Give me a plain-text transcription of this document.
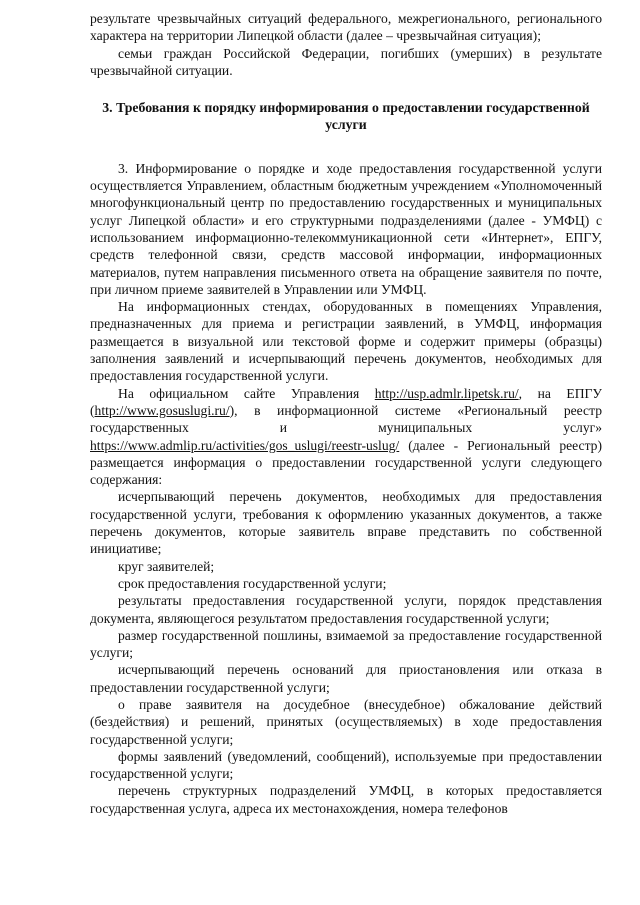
результате чрезвычайных ситуаций федерального, межрегионального, регионального характера на территории Липецкой области (далее – чрезвычайная ситуация);

семьи граждан Российской Федерации, погибших (умерших) в результате чрезвычайной ситуации.

3. Требования к порядку информирования о предоставлении государственной услуги

3. Информирование о порядке и ходе предоставления государственной услуги осуществляется Управлением, областным бюджетным учреждением «Уполномоченный многофункциональный центр по предоставлению государственных и муниципальных услуг Липецкой области» и его структурными подразделениями (далее - УМФЦ) с использованием информационно-телекоммуникационной сети «Интернет», ЕПГУ, средств телефонной связи, средств массовой информации, информационных материалов, путем направления письменного ответа на обращение заявителя по почте, при личном приеме заявителей в Управлении или УМФЦ.

На информационных стендах, оборудованных в помещениях Управления, предназначенных для приема и регистрации заявлений, в УМФЦ, информация размещается в визуальной или текстовой форме и содержит примеры (образцы) заполнения заявлений и исчерпывающий перечень документов, необходимых для предоставления государственной услуги.

На официальном сайте Управления http://usp.admlr.lipetsk.ru/, на ЕПГУ (http://www.gosuslugi.ru/), в информационной системе «Региональный реестр государственных и муниципальных услуг» https://www.admlip.ru/activities/gos_uslugi/reestr-uslug/ (далее - Региональный реестр) размещается информация о предоставлении государственной услуги следующего содержания:

исчерпывающий перечень документов, необходимых для предоставления государственной услуги, требования к оформлению указанных документов, а также перечень документов, которые заявитель вправе представить по собственной инициативе;

круг заявителей;

срок предоставления государственной услуги;

результаты предоставления государственной услуги, порядок представления документа, являющегося результатом предоставления государственной услуги;

размер государственной пошлины, взимаемой за предоставление государственной услуги;

исчерпывающий перечень оснований для приостановления или отказа в предоставлении государственной услуги;

о праве заявителя на досудебное (внесудебное) обжалование действий (бездействия) и решений, принятых (осуществляемых) в ходе предоставления государственной услуги;

формы заявлений (уведомлений, сообщений), используемые при предоставлении государственной услуги;

перечень структурных подразделений УМФЦ, в которых предоставляется государственная услуга, адреса их местонахождения, номера телефонов
